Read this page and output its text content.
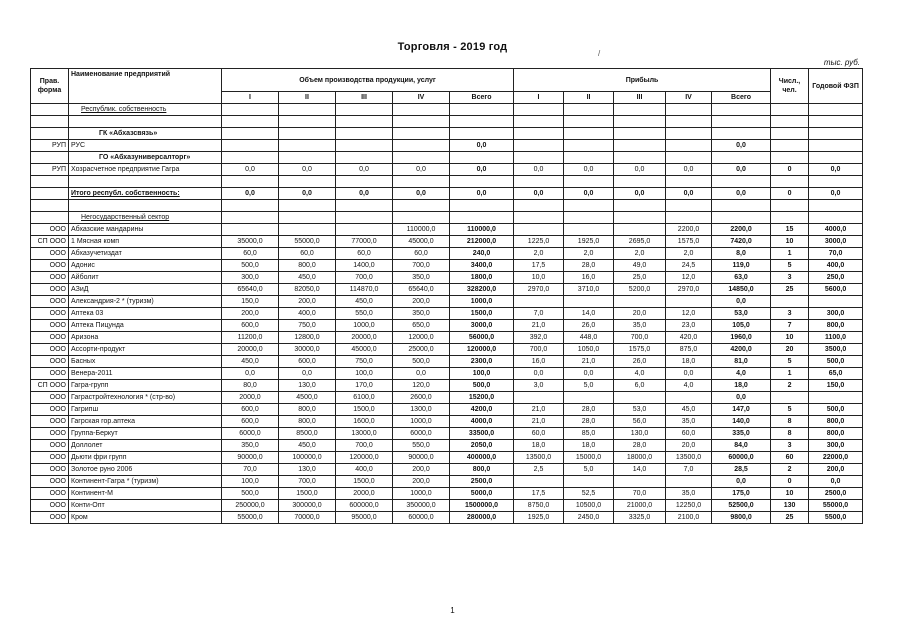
Торговля - 2019 год
/
тыс. руб.
Прав. форма	Наименование предприятий	Объем производства продукции, услуг					Прибыль					Числ., чел.	Годовой ФЗП
		I	II	III	IV	Всего	I	II	III	IV	Всего		
	Республик. собственность												

	ГК «Абхазсвязь»												
РУП	РУС					0,0					0,0		
	ГО «Абхазуниверсалторг»												
РУП	Хозрасчетное предприятие Гагра	0,0	0,0	0,0	0,0	0,0	0,0	0,0	0,0	0,0	0,0	0	0,0

	Итого республ. собственность:	0,0	0,0	0,0	0,0	0,0	0,0	0,0	0,0	0,0	0,0	0	0,0

	Негосударственный сектор												
ООО	Абхазские мандарины				110000,0	110000,0				2200,0	2200,0	15	4000,0
СП ООО	1 Мясная комп	35000,0	55000,0	77000,0	45000,0	212000,0	1225,0	1925,0	2695,0	1575,0	7420,0	10	3000,0
ООО	Абхазучетиздат	60,0	60,0	60,0	60,0	240,0	2,0	2,0	2,0	2,0	8,0	1	70,0
ООО	Адонис	500,0	800,0	1400,0	700,0	3400,0	17,5	28,0	49,0	24,5	119,0	5	400,0
ООО	Айболит	300,0	450,0	700,0	350,0	1800,0	10,0	16,0	25,0	12,0	63,0	3	250,0
ООО	АЗиД	65640,0	82050,0	114870,0	65640,0	328200,0	2970,0	3710,0	5200,0	2970,0	14850,0	25	5600,0
ООО	Александрия-2 * (туризм)	150,0	200,0	450,0	200,0	1000,0					0,0		
ООО	Аптека 03	200,0	400,0	550,0	350,0	1500,0	7,0	14,0	20,0	12,0	53,0	3	300,0
ООО	Аптека Пицунда	600,0	750,0	1000,0	650,0	3000,0	21,0	26,0	35,0	23,0	105,0	7	800,0
ООО	Аризона	11200,0	12800,0	20000,0	12000,0	56000,0	392,0	448,0	700,0	420,0	1960,0	10	1100,0
ООО	Ассорти-продукт	20000,0	30000,0	45000,0	25000,0	120000,0	700,0	1050,0	1575,0	875,0	4200,0	20	3500,0
ООО	Басных	450,0	600,0	750,0	500,0	2300,0	16,0	21,0	26,0	18,0	81,0	5	500,0
ООО	Венера-2011	0,0	0,0	100,0	0,0	100,0	0,0	0,0	4,0	0,0	4,0	1	65,0
СП ООО	Гагра-групп	80,0	130,0	170,0	120,0	500,0	3,0	5,0	6,0	4,0	18,0	2	150,0
ООО	Гаграстройтехнология * (стр-во)	2000,0	4500,0	6100,0	2600,0	15200,0					0,0		
ООО	Гагрипш	600,0	800,0	1500,0	1300,0	4200,0	21,0	28,0	53,0	45,0	147,0	5	500,0
ООО	Гагрская гор.аптека	600,0	800,0	1600,0	1000,0	4000,0	21,0	28,0	56,0	35,0	140,0	8	800,0
ООО	Группа-Беркут	6000,0	8500,0	13000,0	6000,0	33500,0	60,0	85,0	130,0	60,0	335,0	8	800,0
ООО	Доллолет	350,0	450,0	700,0	550,0	2050,0	18,0	18,0	28,0	20,0	84,0	3	300,0
ООО	Дьюти фри групп	90000,0	100000,0	120000,0	90000,0	400000,0	13500,0	15000,0	18000,0	13500,0	60000,0	60	22000,0
ООО	Золотое руно 2006	70,0	130,0	400,0	200,0	800,0	2,5	5,0	14,0	7,0	28,5	2	200,0
ООО	Континент-Гагра * (туризм)	100,0	700,0	1500,0	200,0	2500,0					0,0	0	0,0
ООО	Континент-М	500,0	1500,0	2000,0	1000,0	5000,0	17,5	52,5	70,0	35,0	175,0	10	2500,0
ООО	Конти-Опт	250000,0	300000,0	600000,0	350000,0	1500000,0	8750,0	10500,0	21000,0	12250,0	52500,0	130	55000,0
ООО	Кром	55000,0	70000,0	95000,0	60000,0	280000,0	1925,0	2450,0	3325,0	2100,0	9800,0	25	5500,0
1
